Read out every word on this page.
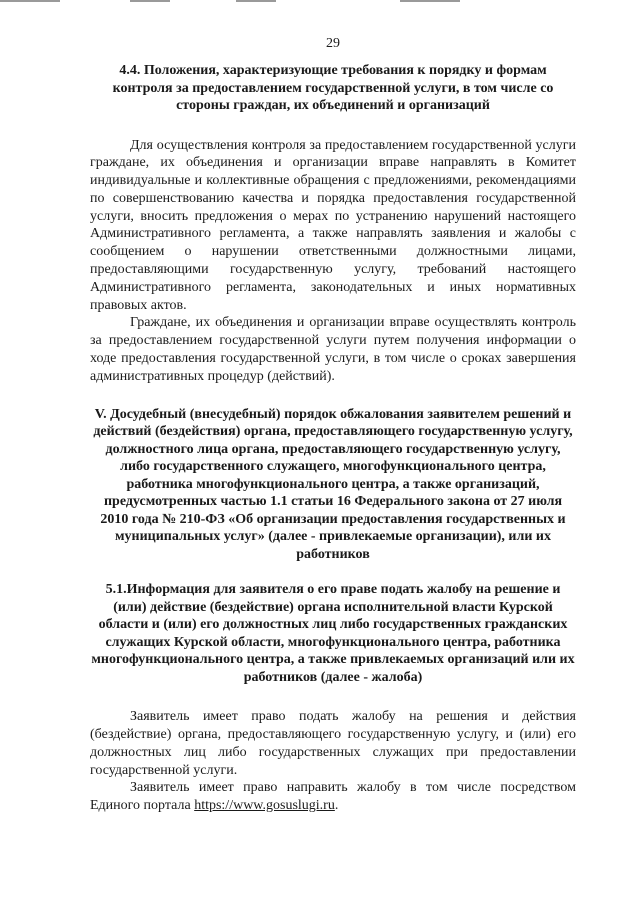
29
4.4. Положения, характеризующие требования к порядку и формам контроля за предоставлением государственной услуги, в том числе со стороны граждан, их объединений и организаций

Для осуществления контроля за предоставлением государственной услуги граждане, их объединения и организации вправе направлять в Комитет индивидуальные и коллективные обращения с предложениями, рекомендациями по совершенствованию качества и порядка предоставления государственной услуги, вносить предложения о мерах по устранению нарушений настоящего Административного регламента, а также направлять заявления и жалобы с сообщением о нарушении ответственными должностными лицами, предоставляющими государственную услугу, требований настоящего Административного регламента, законодательных и иных нормативных правовых актов.

Граждане, их объединения и организации вправе осуществлять контроль за предоставлением государственной услуги путем получения информации о ходе предоставления государственной услуги, в том числе о сроках завершения административных процедур (действий).

V. Досудебный (внесудебный) порядок обжалования заявителем решений и действий (бездействия) органа, предоставляющего государственную услугу, должностного лица органа, предоставляющего государственную услугу, либо государственного служащего, многофункционального центра, работника многофункционального центра, а также организаций, предусмотренных частью 1.1 статьи 16 Федерального закона от 27 июля 2010 года № 210-ФЗ «Об организации предоставления государственных и муниципальных услуг» (далее - привлекаемые организации), или их работников
5.1.Информация для заявителя о его праве подать жалобу на решение и (или) действие (бездействие) органа исполнительной власти Курской области и (или) его должностных лиц либо государственных гражданских служащих Курской области, многофункционального центра, работника многофункционального центра, а также привлекаемых организаций или их работников (далее - жалоба)

Заявитель имеет право подать жалобу на решения и действия (бездействие) органа, предоставляющего государственную услугу, и (или) его должностных лиц либо государственных служащих при предоставлении государственной услуги.

Заявитель имеет право направить жалобу в том числе посредством Единого портала https://www.gosuslugi.ru.
